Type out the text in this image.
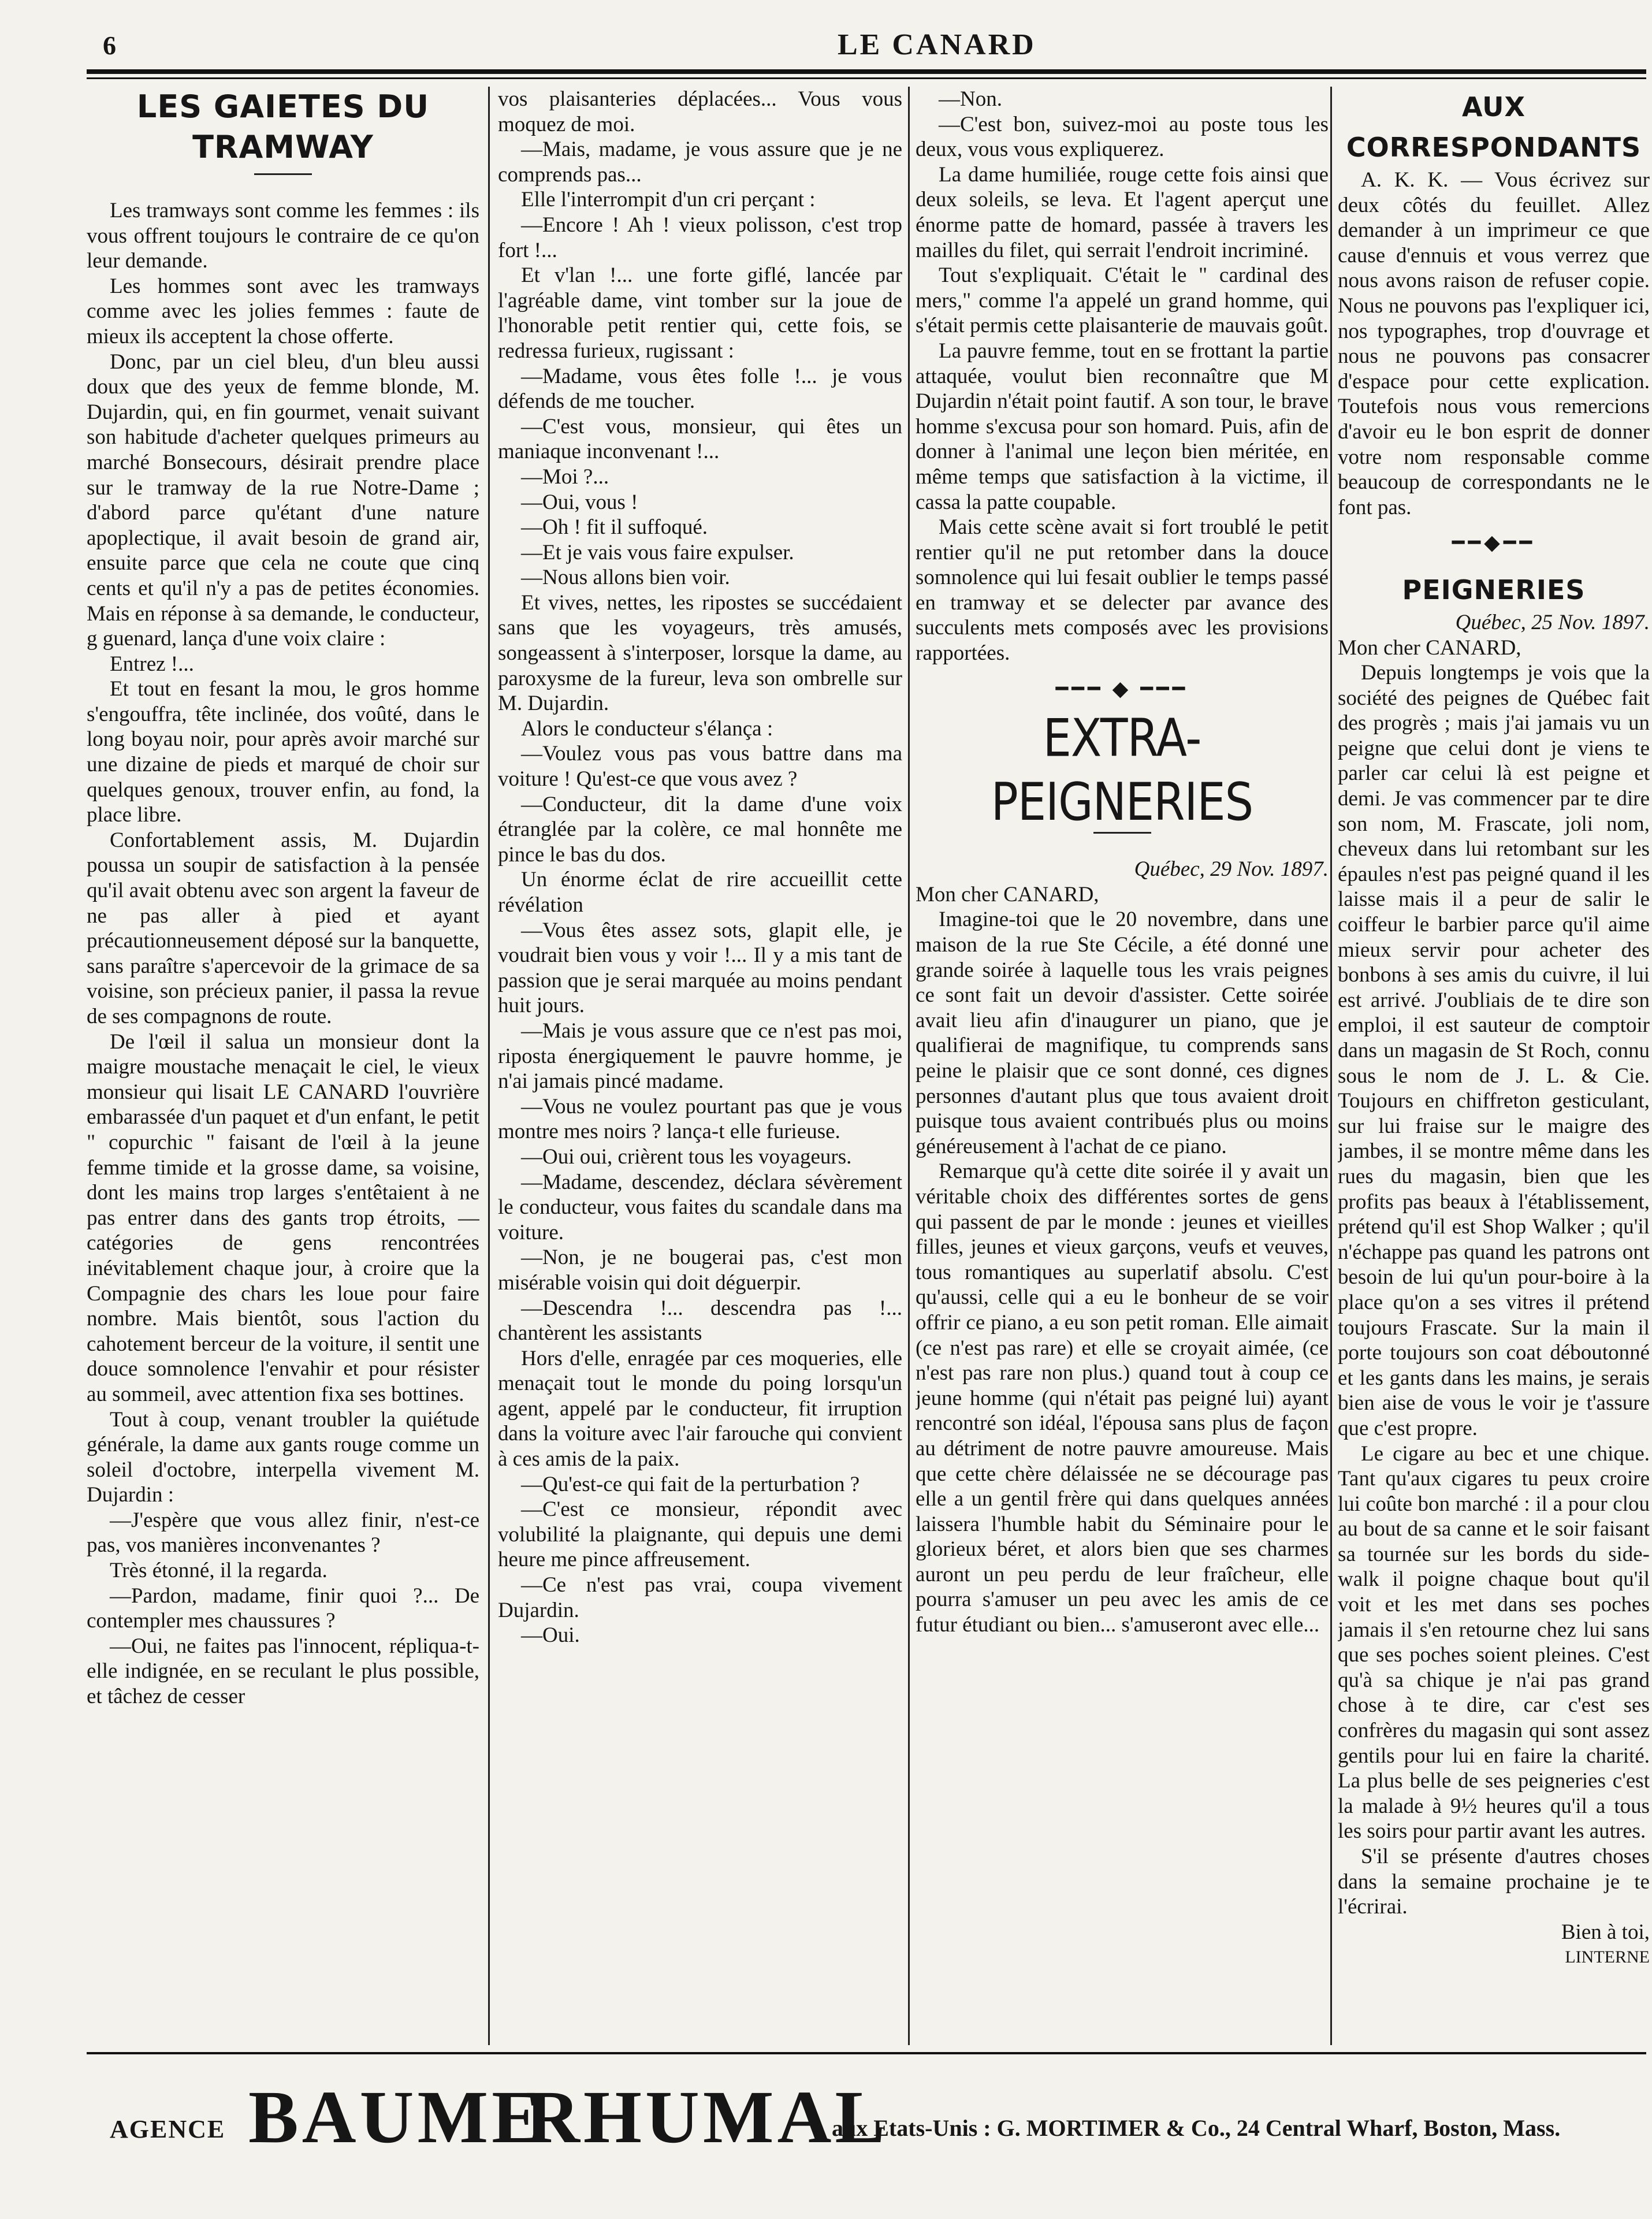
6	LE CANARD

LES GAIETES DU TRAMWAY

Les tramways sont comme les femmes : ils vous offrent toujours le contraire de ce qu'on leur demande.

Les hommes sont avec les tramways comme avec les jolies femmes : faute de mieux ils acceptent la chose offerte.

Donc, par un ciel bleu, d'un bleu aussi doux que des yeux de femme blonde, M. Dujardin, qui, en fin gourmet, venait suivant son habitude d'acheter quelques primeurs au marché Bonsecours, désirait prendre place sur le tramway de la rue Notre-Dame ; d'abord parce qu'étant d'une nature apoplectique, il avait besoin de grand air, ensuite parce que cela ne coute que cinq cents et qu'il n'y a pas de petites économies. Mais en réponse à sa demande, le conducteur, g guenard, lança d'une voix claire :

Entrez !...

Et tout en fesant la mou, le gros homme s'engouffra, tête inclinée, dos voûté, dans le long boyau noir, pour après avoir marché sur une dizaine de pieds et marqué de choir sur quelques genoux, trouver enfin, au fond, la place libre.

Confortablement assis, M. Dujardin poussa un soupir de satisfaction à la pensée qu'il avait obtenu avec son argent la faveur de ne pas aller à pied et ayant précautionneusement déposé sur la banquette, sans paraître s'apercevoir de la grimace de sa voisine, son précieux panier, il passa la revue de ses compagnons de route.

De l'œil il salua un monsieur dont la maigre moustache menaçait le ciel, le vieux monsieur qui lisait LE CANARD l'ouvrière embarassée d'un paquet et d'un enfant, le petit " copurchic " faisant de l'œil à la jeune femme timide et la grosse dame, sa voisine, dont les mains trop larges s'entêtaient à ne pas entrer dans des gants trop étroits, — catégories de gens rencontrées inévitablement chaque jour, à croire que la Compagnie des chars les loue pour faire nombre. Mais bientôt, sous l'action du cahotement berceur de la voiture, il sentit une douce somnolence l'envahir et pour résister au sommeil, avec attention fixa ses bottines.

Tout à coup, venant troubler la quiétude générale, la dame aux gants rouge comme un soleil d'octobre, interpella vivement M. Dujardin :

—J'espère que vous allez finir, n'est-ce pas, vos manières inconvenantes ?

Très étonné, il la regarda.

—Pardon, madame, finir quoi ?... De contempler mes chaussures ?

—Oui, ne faites pas l'innocent, répliqua-t-elle indignée, en se reculant le plus possible, et tâchez de cesser

vos plaisanteries déplacées... Vous vous moquez de moi.

—Mais, madame, je vous assure que je ne comprends pas...

Elle l'interrompit d'un cri perçant :

—Encore ! Ah ! vieux polisson, c'est trop fort !...

Et v'lan !... une forte giflé, lancée par l'agréable dame, vint tomber sur la joue de l'honorable petit rentier qui, cette fois, se redressa furieux, rugissant :

—Madame, vous êtes folle !... je vous défends de me toucher.

—C'est vous, monsieur, qui êtes un maniaque inconvenant !...

—Moi ?...

—Oui, vous !

—Oh ! fit il suffoqué.

—Et je vais vous faire expulser.

—Nous allons bien voir.

Et vives, nettes, les ripostes se succédaient sans que les voyageurs, très amusés, songeassent à s'interposer, lorsque la dame, au paroxysme de la fureur, leva son ombrelle sur M. Dujardin.

Alors le conducteur s'élança :

—Voulez vous pas vous battre dans ma voiture ! Qu'est-ce que vous avez ?

—Conducteur, dit la dame d'une voix étranglée par la colère, ce mal honnête me pince le bas du dos.

Un énorme éclat de rire accueillit cette révélation

—Vous êtes assez sots, glapit elle, je voudrait bien vous y voir !... Il y a mis tant de passion que je serai marquée au moins pendant huit jours.

—Mais je vous assure que ce n'est pas moi, riposta énergiquement le pauvre homme, je n'ai jamais pincé madame.

—Vous ne voulez pourtant pas que je vous montre mes noirs ? lança-t elle furieuse.

—Oui oui, crièrent tous les voyageurs.

—Madame, descendez, déclara sévèrement le conducteur, vous faites du scandale dans ma voiture.

—Non, je ne bougerai pas, c'est mon misérable voisin qui doit déguerpir.

—Descendra !... descendra pas !... chantèrent les assistants

Hors d'elle, enragée par ces moqueries, elle menaçait tout le monde du poing lorsqu'un agent, appelé par le conducteur, fit irruption dans la voiture avec l'air farouche qui convient à ces amis de la paix.

—Qu'est-ce qui fait de la perturbation ?

—C'est ce monsieur, répondit avec volubilité la plaignante, qui depuis une demi heure me pince affreusement.

—Ce n'est pas vrai, coupa vivement Dujardin.

—Oui.

—Non.

—C'est bon, suivez-moi au poste tous les deux, vous vous expliquerez.

La dame humiliée, rouge cette fois ainsi que deux soleils, se leva. Et l'agent aperçut une énorme patte de homard, passée à travers les mailles du filet, qui serrait l'endroit incriminé.

Tout s'expliquait. C'était le " cardinal des mers," comme l'a appelé un grand homme, qui s'était permis cette plaisanterie de mauvais goût.

La pauvre femme, tout en se frottant la partie attaquée, voulut bien reconnaître que M Dujardin n'était point fautif. A son tour, le brave homme s'excusa pour son homard. Puis, afin de donner à l'animal une leçon bien méritée, en même temps que satisfaction à la victime, il cassa la patte coupable.

Mais cette scène avait si fort troublé le petit rentier qu'il ne put retomber dans la douce somnolence qui lui fesait oublier le temps passé en tramway et se delecter par avance des succulents mets composés avec les provisions rapportées.

━━━ ◆ ━━━

EXTRA-PEIGNERIES

Québec, 29 Nov. 1897.

Mon cher CANARD,

Imagine-toi que le 20 novembre, dans une maison de la rue Ste Cécile, a été donné une grande soirée à laquelle tous les vrais peignes ce sont fait un devoir d'assister. Cette soirée avait lieu afin d'inaugurer un piano, que je qualifierai de magnifique, tu comprends sans peine le plaisir que ce sont donné, ces dignes personnes d'autant plus que tous avaient droit puisque tous avaient contribués plus ou moins généreusement à l'achat de ce piano.

Remarque qu'à cette dite soirée il y avait un véritable choix des différentes sortes de gens qui passent de par le monde : jeunes et vieilles filles, jeunes et vieux garçons, veufs et veuves, tous romantiques au superlatif absolu. C'est qu'aussi, celle qui a eu le bonheur de se voir offrir ce piano, a eu son petit roman. Elle aimait (ce n'est pas rare) et elle se croyait aimée, (ce n'est pas rare non plus.) quand tout à coup ce jeune homme (qui n'était pas peigné lui) ayant rencontré son idéal, l'épousa sans plus de façon au détriment de notre pauvre amoureuse. Mais que cette chère délaissée ne se décourage pas elle a un gentil frère qui dans quelques années laissera l'humble habit du Séminaire pour le glorieux béret, et alors bien que ses charmes auront un peu perdu de leur fraîcheur, elle pourra s'amuser un peu avec les amis de ce futur étudiant ou bien... s'amuseront avec elle...

AUX CORRESPONDANTS

A. K. K. — Vous écrivez sur deux côtés du feuillet. Allez demander à un imprimeur ce que cause d'ennuis et vous verrez que nous avons raison de refuser copie. Nous ne pouvons pas l'expliquer ici, nos typographes, trop d'ouvrage et nous ne pouvons pas consacrer d'espace pour cette explication. Toutefois nous vous remercions d'avoir eu le bon esprit de donner votre nom responsable comme beaucoup de correspondants ne le font pas.

━━◆━━

PEIGNERIES

Québec, 25 Nov. 1897.

Mon cher CANARD,

Depuis longtemps je vois que la société des peignes de Québec fait des progrès ; mais j'ai jamais vu un peigne que celui dont je viens te parler car celui là est peigne et demi. Je vas commencer par te dire son nom, M. Frascate, joli nom, cheveux dans lui retombant sur les épaules n'est pas peigné quand il les laisse mais il a peur de salir le coiffeur le barbier parce qu'il aime mieux servir pour acheter des bonbons à ses amis du cuivre, il lui est arrivé. J'oubliais de te dire son emploi, il est sauteur de comptoir dans un magasin de St Roch, connu sous le nom de J. L. & Cie. Toujours en chiffreton gesticulant, sur lui fraise sur le maigre des jambes, il se montre même dans les rues du magasin, bien que les profits pas beaux à l'établissement, prétend qu'il est Shop Walker ; qu'il n'échappe pas quand les patrons ont besoin de lui qu'un pour-boire à la place qu'on a ses vitres il prétend toujours Frascate. Sur la main il porte toujours son coat déboutonné et les gants dans les mains, je serais bien aise de vous le voir je t'assure que c'est propre.

Le cigare au bec et une chique. Tant qu'aux cigares tu peux croire lui coûte bon marché : il a pour clou au bout de sa canne et le soir faisant sa tournée sur les bords du side-walk il poigne chaque bout qu'il voit et les met dans ses poches jamais il s'en retourne chez lui sans que ses poches soient pleines. C'est qu'à sa chique je n'ai pas grand chose à te dire, car c'est ses confrères du magasin qui sont assez gentils pour lui en faire la charité. La plus belle de ses peigneries c'est la malade à 9½ heures qu'il a tous les soirs pour partir avant les autres.

S'il se présente d'autres choses dans la semaine prochaine je te l'écrirai.

Bien à toi,

LINTERNE

AGENCE BAUME
RHUMAL
aux Etats-Unis : G. MORTIMER & Co., 24 Central Wharf, Boston, Mass.
